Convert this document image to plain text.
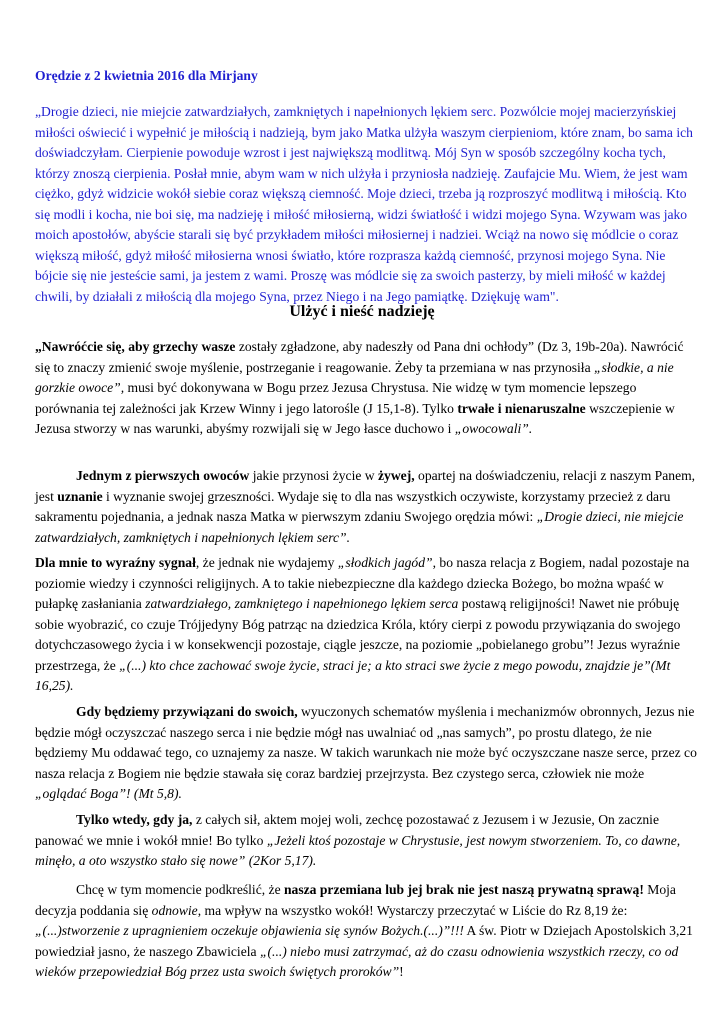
Orędzie z 2 kwietnia 2016 dla Mirjany
„Drogie dzieci, nie miejcie zatwardziałych, zamkniętych i napełnionych lękiem serc. Pozwólcie mojej macierzyńskiej miłości oświecić i wypełnić je miłością i nadzieją, bym jako Matka ulżyła waszym cierpieniom, które znam, bo sama ich doświadczyłam. Cierpienie powoduje wzrost i jest największą modlitwą. Mój Syn w sposób szczególny kocha tych, którzy znoszą cierpienia. Posłał mnie, abym wam w nich ulżyła i przyniosła nadzieję. Zaufajcie Mu. Wiem, że jest wam ciężko, gdyż widzicie wokół siebie coraz większą ciemność. Moje dzieci, trzeba ją rozproszyć modlitwą i miłością. Kto się modli i kocha, nie boi się, ma nadzieję i miłość miłosierną, widzi światłość i widzi mojego Syna. Wzywam was jako moich apostołów, abyście starali się być przykładem miłości miłosiernej i nadziei. Wciąż na nowo się módlcie o coraz większą miłość, gdyż miłość miłosierna wnosi światło, które rozprasza każdą ciemność, przynosi mojego Syna. Nie bójcie się nie jesteście sami, ja jestem z wami. Proszę was módlcie się za swoich pasterzy, by mieli miłość w każdej chwili, by działali z miłością dla mojego Syna, przez Niego i na Jego pamiątkę. Dziękuję wam".
Ulżyć i nieść nadzieję

„Nawróćcie się, aby grzechy wasze zostały zgładzone, aby nadeszły od Pana dni ochłody” (Dz 3, 19b-20a). Nawrócić się to znaczy zmienić swoje myślenie, postrzeganie i reagowanie. Żeby ta przemiana w nas przynosiła „słodkie, a nie gorzkie owoce”, musi być dokonywana w Bogu przez Jezusa Chrystusa. Nie widzę w tym momencie lepszego porównania tej zależności jak Krzew Winny i jego latorośle (J 15,1-8). Tylko trwałe i nienaruszalne wszczepienie w Jezusa stworzy w nas warunki, abyśmy rozwijali się w Jego łasce duchowo i „owocowali”.

Jednym z pierwszych owoców jakie przynosi życie w żywej, opartej na doświadczeniu, relacji z naszym Panem, jest uznanie i wyznanie swojej grzeszności. Wydaje się to dla nas wszystkich oczywiste, korzystamy przecież z daru sakramentu pojednania, a jednak nasza Matka w pierwszym zdaniu Swojego orędzia mówi: „Drogie dzieci, nie miejcie zatwardziałych, zamkniętych i napełnionych lękiem serc”.

Dla mnie to wyraźny sygnał, że jednak nie wydajemy „słodkich jagód”, bo nasza relacja z Bogiem, nadal pozostaje na poziomie wiedzy i czynności religijnych. A to takie niebezpieczne dla każdego dziecka Bożego, bo można wpaść w pułapkę zasłaniania zatwardziałego, zamkniętego i napełnionego lękiem serca postawą religijności! Nawet nie próbuję sobie wyobrazić, co czuje Trójjedyny Bóg patrząc na dziedzica Króla, który cierpi z powodu przywiązania do swojego dotychczasowego życia i w konsekwencji pozostaje, ciągle jeszcze, na poziomie „pobielanego grobu”! Jezus wyraźnie przestrzega, że „(...) kto chce zachować swoje życie, straci je; a kto straci swe życie z mego powodu, znajdzie je”(Mt 16,25).

Gdy będziemy przywiązani do swoich, wyuczonych schematów myślenia i mechanizmów obronnych, Jezus nie będzie mógł oczyszczać naszego serca i nie będzie mógł nas uwalniać od „nas samych”, po prostu dlatego, że nie będziemy Mu oddawać tego, co uznajemy za nasze. W takich warunkach nie może być oczyszczane nasze serce, przez co nasza relacja z Bogiem nie będzie stawała się coraz bardziej przejrzysta. Bez czystego serca, człowiek nie może „oglądać Boga”! (Mt 5,8).

Tylko wtedy, gdy ja, z całych sił, aktem mojej woli, zechcę pozostawać z Jezusem i w Jezusie, On zacznie panować we mnie i wokół mnie! Bo tylko „Jeżeli ktoś pozostaje w Chrystusie, jest nowym stworzeniem. To, co dawne, minęło, a oto wszystko stało się nowe” (2Kor 5,17).

Chcę w tym momencie podkreślić, że nasza przemiana lub jej brak nie jest naszą prywatną sprawą! Moja decyzja poddania się odnowie, ma wpływ na wszystko wokół! Wystarczy przeczytać w Liście do Rz 8,19 że: „(...)stworzenie z upragnieniem oczekuje objawienia się synów Bożych.(...)”!!! A św. Piotr w Dziejach Apostolskich 3,21 powiedział jasno, że naszego Zbawiciela „(...) niebo musi zatrzymać, aż do czasu odnowienia wszystkich rzeczy, co od wieków przepowiedział Bóg przez usta swoich świętych proroków”!
